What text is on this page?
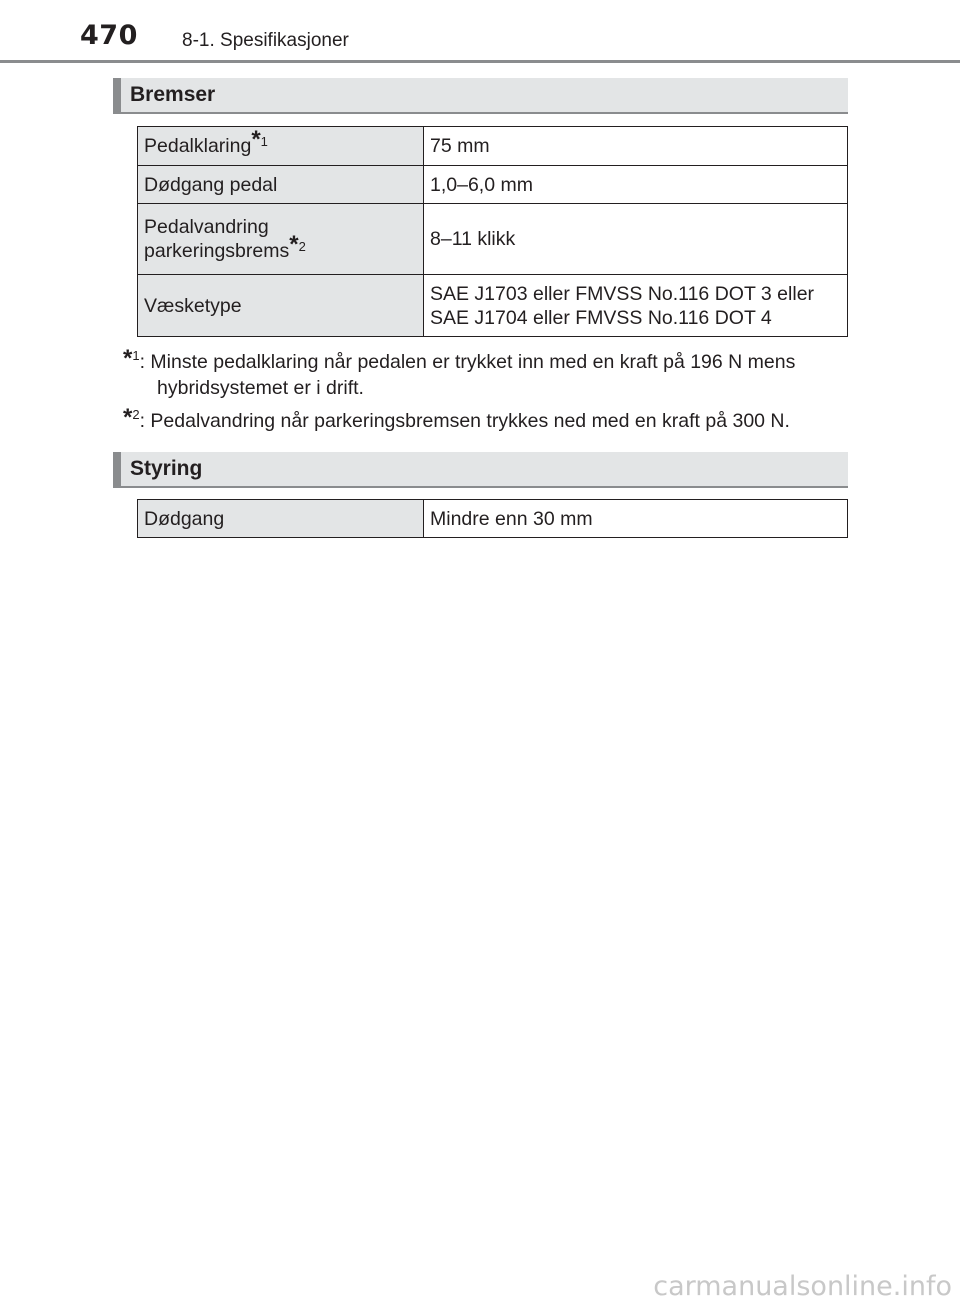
470 8-1. Spesifikasjoner
Bremser
Pedalklaring*$^1$	75 mm
Dødgang pedal	1,0–6,0 mm

Pedalvandring
parkeringsbrems*$^2$	8–11 klikk
Væsketype	SAE J1703 eller FMVSS No.116 DOT 3 eller
SAE J1704 eller FMVSS No.116 DOT 4
*$^1$: Minste pedalklaring når pedalen er trykket inn med en kraft på 196 N mens
hybridsystemet er i drift.
*$^2$: Pedalvandring når parkeringsbremsen trykkes ned med en kraft på 300 N.
Styring
Dødgang	Mindre enn 30 mm
carmanualsonline.info
